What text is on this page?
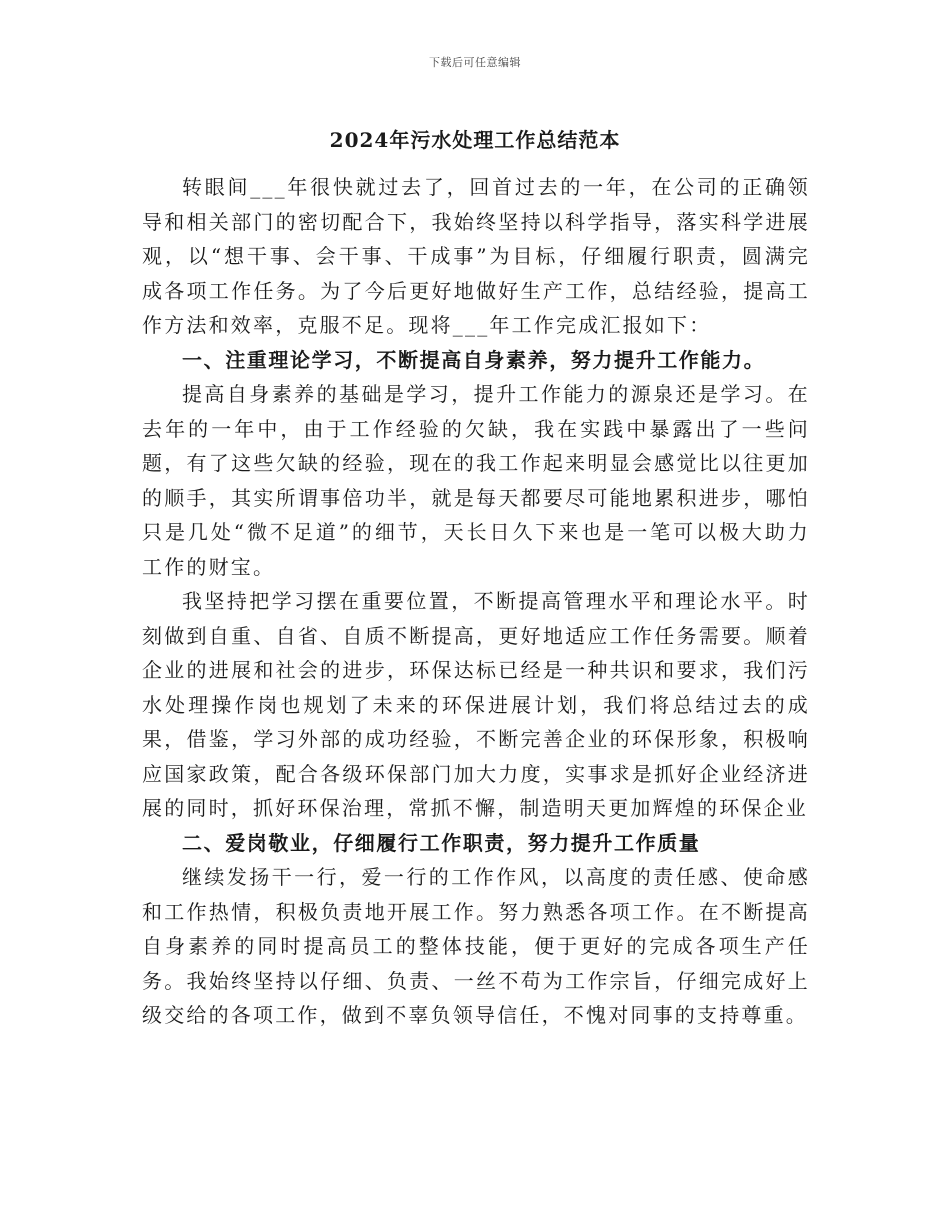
下载后可任意编辑
2024年污水处理工作总结范本

转眼间___年很快就过去了，回首过去的一年，在公司的正确领导和相关部门的密切配合下，我始终坚持以科学指导，落实科学进展观，以“想干事、会干事、干成事”为目标，仔细履行职责，圆满完成各项工作任务。为了今后更好地做好生产工作，总结经验，提高工作方法和效率，克服不足。现将___年工作完成汇报如下：

一、注重理论学习，不断提高自身素养，努力提升工作能力。

提高自身素养的基础是学习，提升工作能力的源泉还是学习。在去年的一年中，由于工作经验的欠缺，我在实践中暴露出了一些问题，有了这些欠缺的经验，现在的我工作起来明显会感觉比以往更加的顺手，其实所谓事倍功半，就是每天都要尽可能地累积进步，哪怕只是几处“微不足道”的细节，天长日久下来也是一笔可以极大助力工作的财宝。

我坚持把学习摆在重要位置，不断提高管理水平和理论水平。时刻做到自重、自省、自质不断提高，更好地适应工作任务需要。顺着企业的进展和社会的进步，环保达标已经是一种共识和要求，我们污水处理操作岗也规划了未来的环保进展计划，我们将总结过去的成果，借鉴，学习外部的成功经验，不断完善企业的环保形象，积极响应国家政策，配合各级环保部门加大力度，实事求是抓好企业经济进展的同时，抓好环保治理，常抓不懈，制造明天更加辉煌的环保企业

二、爱岗敬业，仔细履行工作职责，努力提升工作质量

继续发扬干一行，爱一行的工作作风，以高度的责任感、使命感和工作热情，积极负责地开展工作。努力熟悉各项工作。在不断提高自身素养的同时提高员工的整体技能，便于更好的完成各项生产任务。我始终坚持以仔细、负责、一丝不苟为工作宗旨，仔细完成好上级交给的各项工作，做到不辜负领导信任，不愧对同事的支持尊重。
